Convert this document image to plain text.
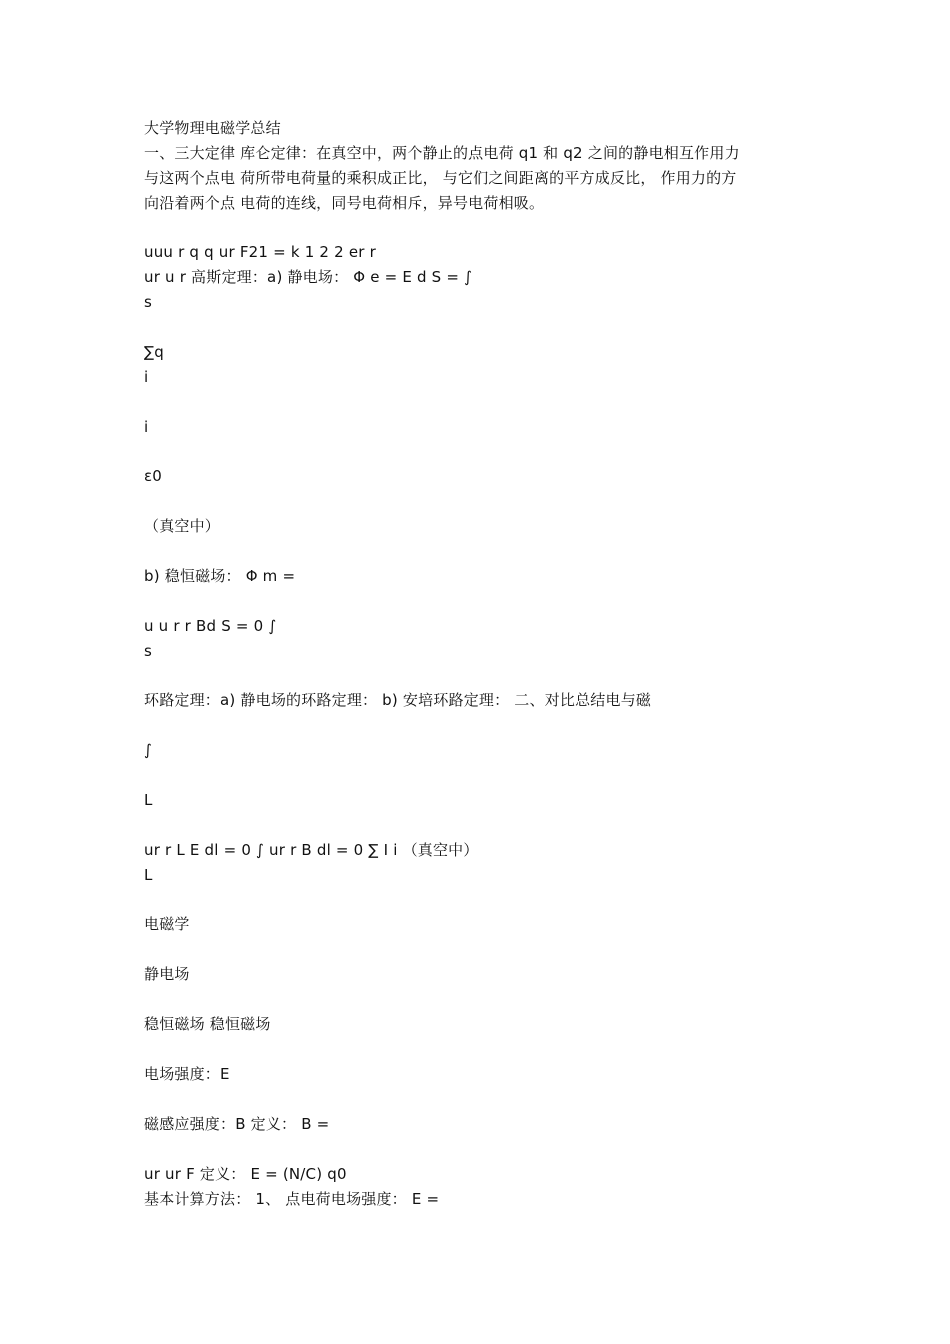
大学物理电磁学总结
一、三大定律 库仑定律：在真空中，两个静止的点电荷 q1 和 q2 之间的静电相互作用力
与这两个点电 荷所带电荷量的乘积成正比， 与它们之间距离的平方成反比， 作用力的方
向沿着两个点 电荷的连线，同号电荷相斥，异号电荷相吸。
uuu r q q ur F21 = k 1 2 2 er r
ur u r 高斯定理：a) 静电场： Φ e = E d S = ∫
s
∑q
i
i
ε0
（真空中）
b) 稳恒磁场： Φ m =
u u r r Bd S = 0 ∫
s
环路定理：a) 静电场的环路定理： b) 安培环路定理： 二、对比总结电与磁
∫
L
ur r L E dl = 0 ∫ ur r B dl = 0 ∑ I i （真空中）
L
电磁学
静电场
稳恒磁场 稳恒磁场
电场强度：E
磁感应强度：B 定义： B =
ur ur F 定义： E = (N/C) q0
基本计算方法： 1、 点电荷电场强度： E =
